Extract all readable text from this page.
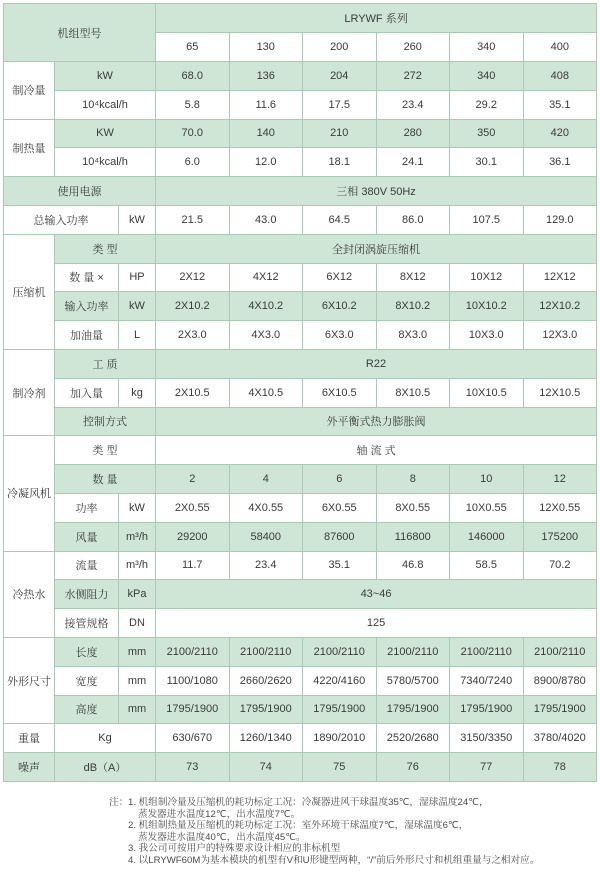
机组型号			LRYWF 系列					
			65	130	200	260	340	400
制冷量	kW		68.0	136	204	272	340	408
	10⁴kcal/h		5.8	11.6	17.5	23.4	29.2	35.1
制热量	KW		70.0	140	210	280	350	420
	10⁴kcal/h		6.0	12.0	18.1	24.1	30.1	36.1
使用电源			三相 380V 50Hz					
总输入功率		kW	21.5	43.0	64.5	86.0	107.5	129.0
压缩机	类 型		全封闭涡旋压缩机					
	数 量 ×	HP	2X12	4X12	6X12	8X12	10X12	12X12
	输入功率	kW	2X10.2	4X10.2	6X10.2	8X10.2	10X10.2	12X10.2
	加油量	L	2X3.0	4X3.0	6X3.0	8X3.0	10X3.0	12X3.0
制冷剂	工 质		R22					
	加入量	kg	2X10.5	4X10.5	6X10.5	8X10.5	10X10.5	12X10.5
	控制方式		外平衡式热力膨胀阀					
冷凝风机	类 型		轴 流 式					
	数 量		2	4	6	8	10	12
	功率	kW	2X0.55	4X0.55	6X0.55	8X0.55	10X0.55	12X0.55
	风量	m³/h	29200	58400	87600	116800	146000	175200
冷热水	流量	m³/h	11.7	23.4	35.1	46.8	58.5	70.2
	水侧阻力	kPa	43~46					
	接管规格	DN	125					
外形尺寸	长度	mm	2100/2110	2100/2110	2100/2110	2100/2110	2100/2110	2100/2110
	宽度	mm	1100/1080	2660/2620	4220/4160	5780/5700	7340/7240	8900/8780
	高度	mm	1795/1900	1795/1900	1795/1900	1795/1900	1795/1900	1795/1900
重量	Kg		630/670	1260/1340	1890/2010	2520/2680	3150/3350	3780/4020
噪声	dB（A）		73	74	75	76	77	78
注： 1. 机组制冷量及压缩机的耗功标定工况：冷凝器进风干球温度35℃，湿球温度24℃，
蒸发器进水温度12℃，出水温度7℃。
2. 机组制热量及压缩机的耗功标定工况：室外环境干球温度7℃，湿球温度6℃，
蒸发器进水温度40℃，出水温度45℃。
3. 我公司可按用户的特殊要求设计相应的非标机型
4. 以LRYWF60M为基本模块的机型有V和U形键型两种，“/”前后外形尺寸和机组重量与之相对应。
